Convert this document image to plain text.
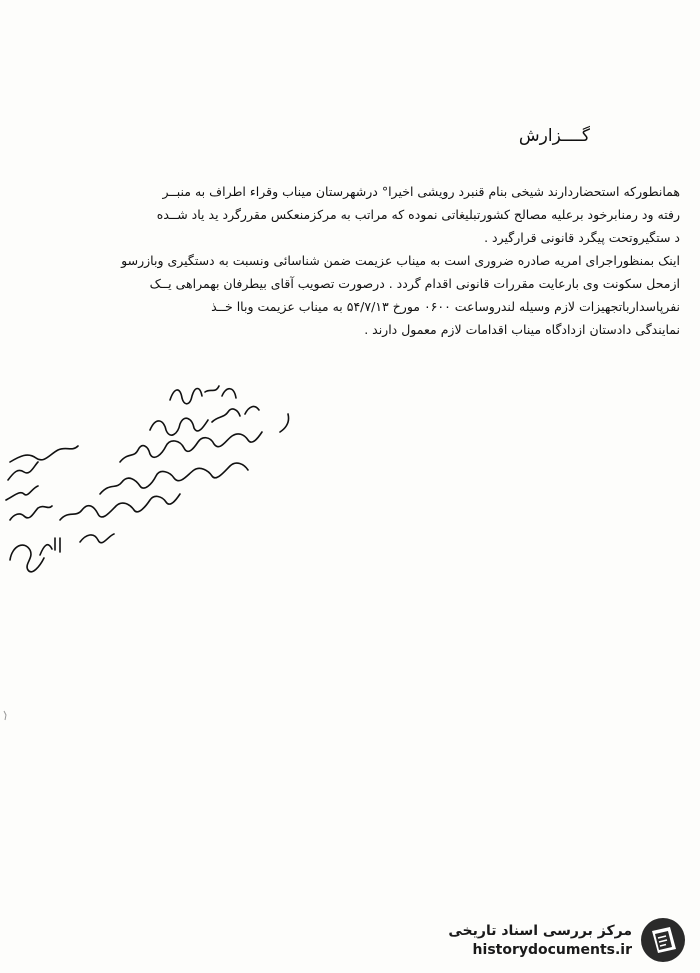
گــــزارش

همانطورکه استحضاردارند شیخی بنام قنبرد رویشی اخیرا° درشهرستان میناب وقراء اطراف به منبــر

رفته ود رمنابرخود برعلیه مصالح کشورتبلیغاتی نموده که مراتب به مرکزمنعکس مقررگرد ید یاد شــده

د ستگیروتحت پیگرد قانونی قرارگیرد .

اینک بمنظوراجرای امریه صادره ضروری است به میناب عزیمت ضمن شناسائی ونسبت به دستگیری وبازرسو

ازمحل سکونت وی بارعایت مقررات قانونی اقدام گردد . درصورت تصویب آقای بیطرفان بهمراهی یــک

نفرپاسدارباتجهیزات لازم وسیله لندروساعت ۰۶۰۰ مورخ ۵۴/۷/۱۳ به میناب عزیمت وباا خــذ

نمایندگی دادستان ازدادگاه میناب اقدامات لازم معمول دارند .

مرکز بررسی اسناد تاریخی
historydocuments.ir
